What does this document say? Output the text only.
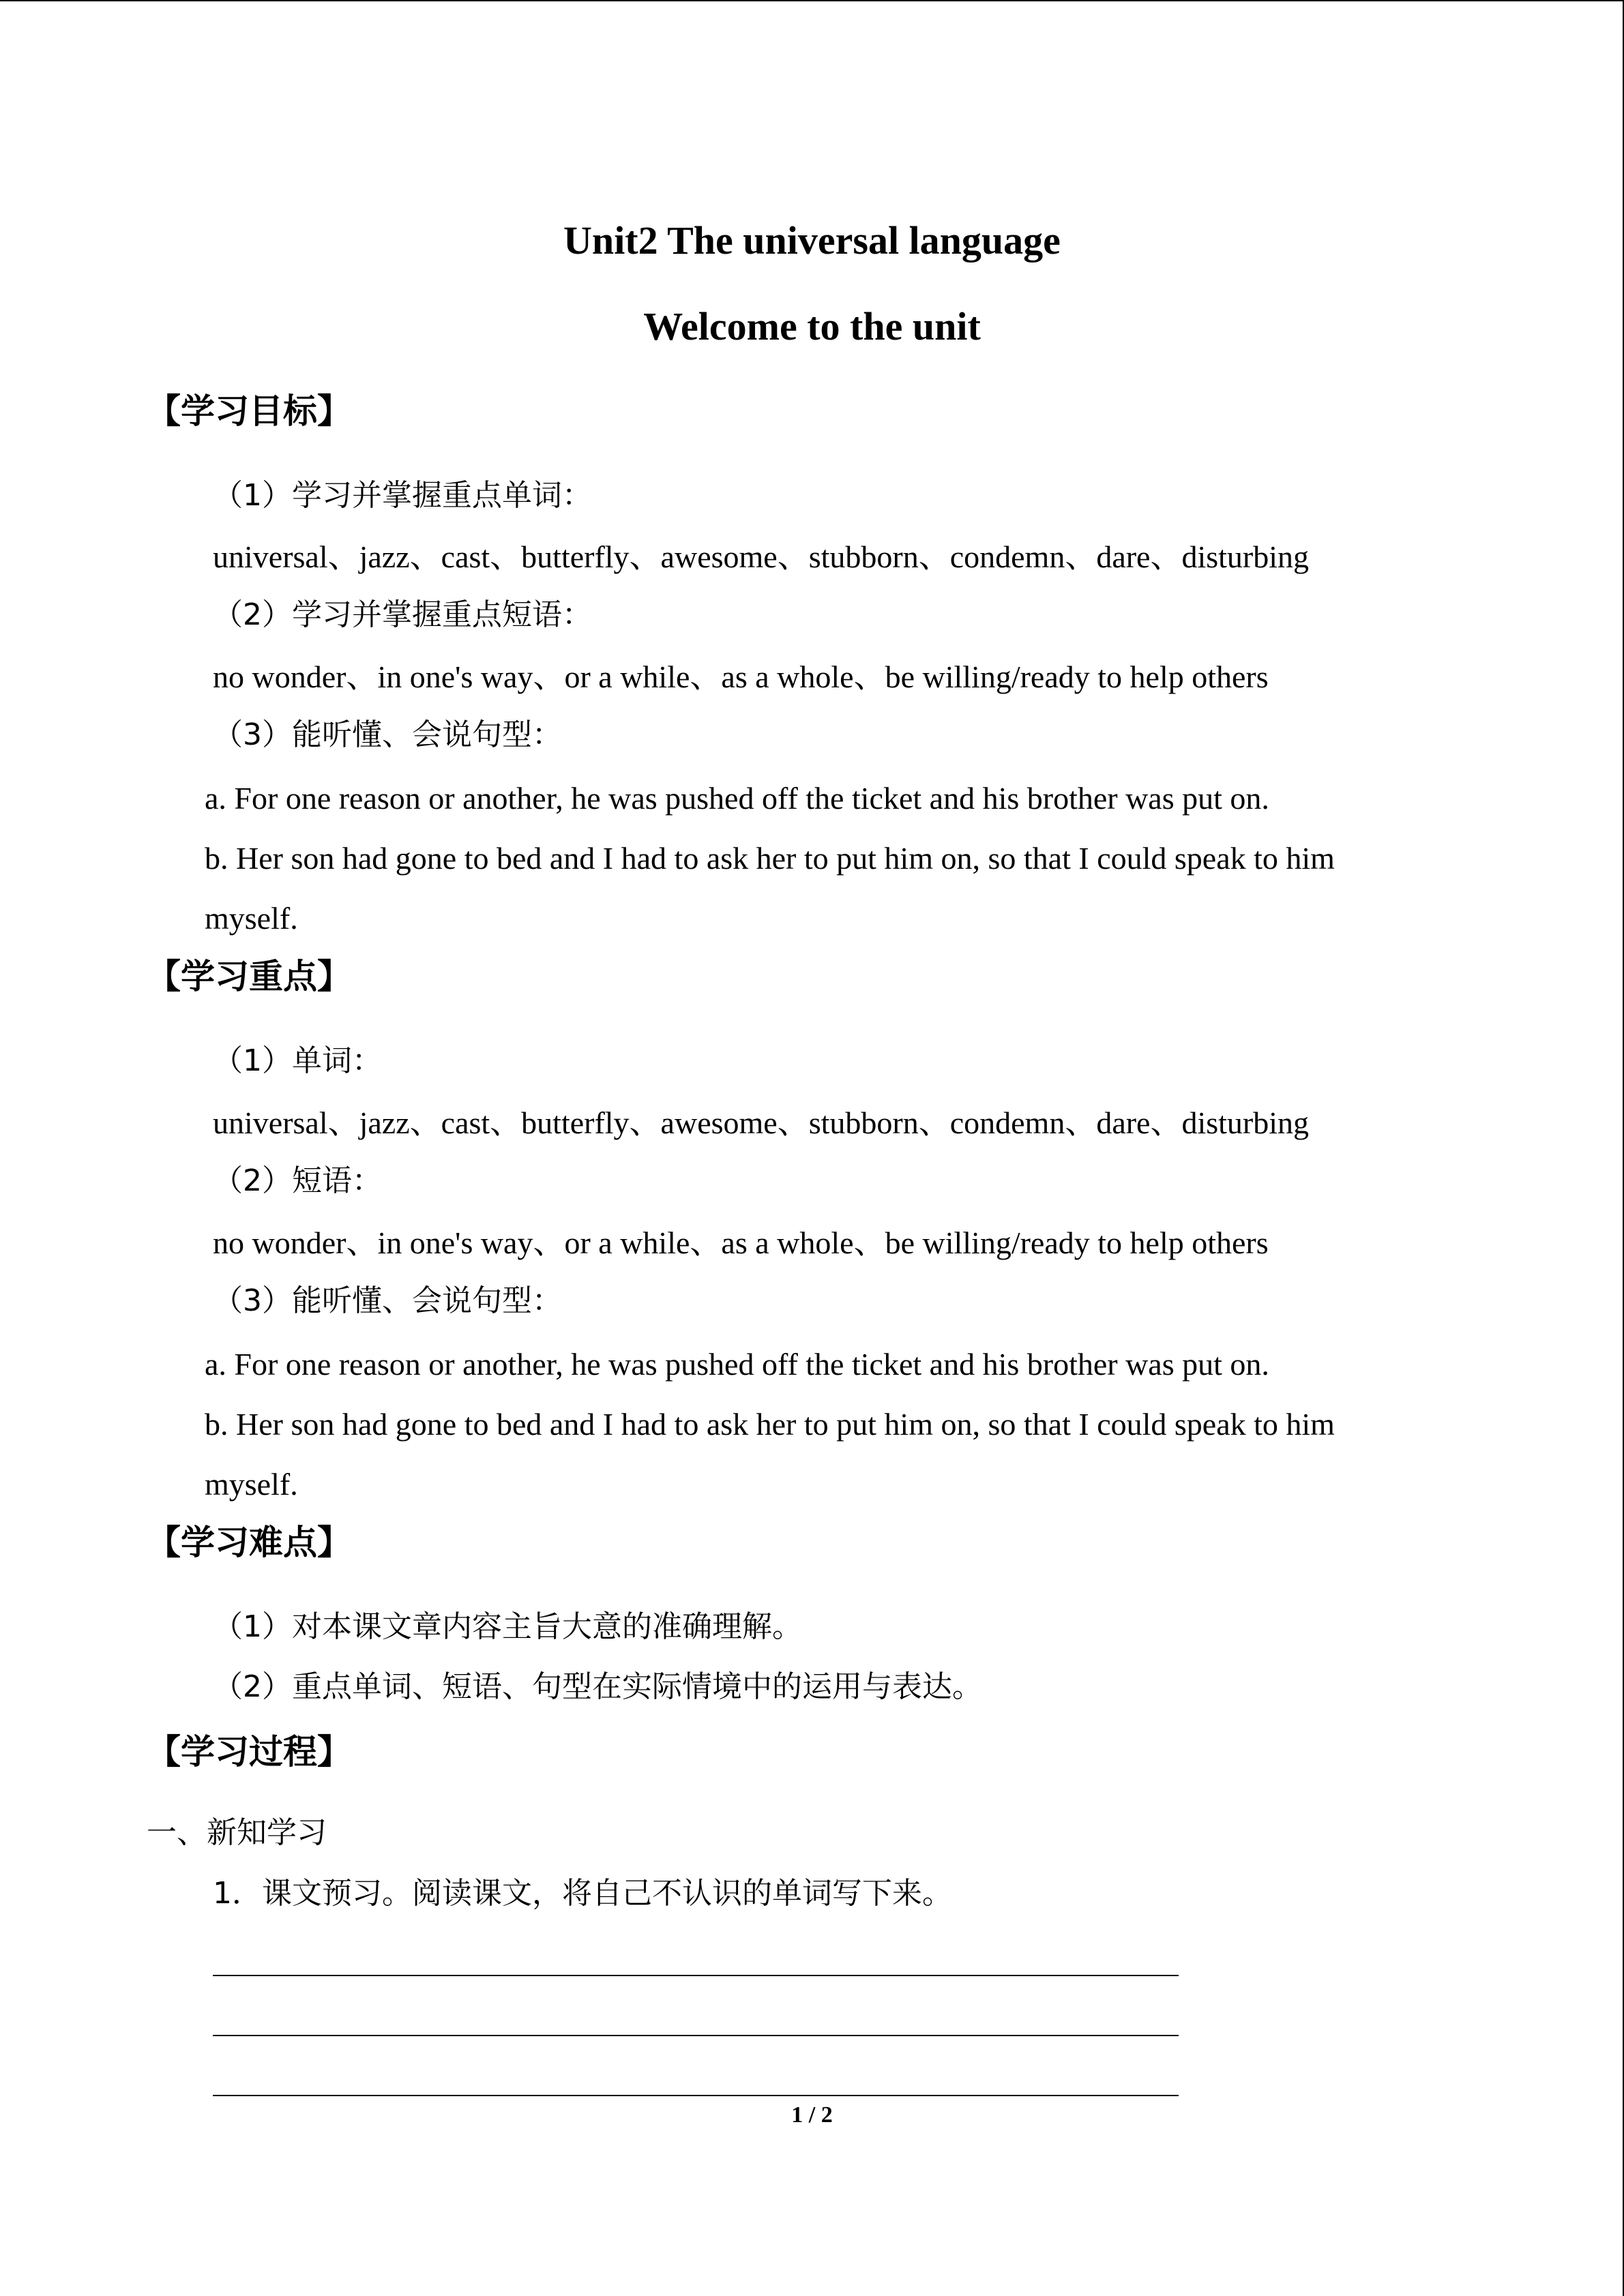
Unit2 The universal language
Welcome to the unit
【学习目标】
（1）学习并掌握重点单词：
universal、jazz、cast、butterfly、awesome、stubborn、condemn、dare、disturbing
（2）学习并掌握重点短语：
no wonder、in one's way、or a while、as a whole、be willing/ready to help others
（3）能听懂、会说句型：
a. For one reason or another, he was pushed off the ticket and his brother was put on.
b. Her son had gone to bed and I had to ask her to put him on, so that I could speak to him
myself.
【学习重点】
（1）单词：
universal、jazz、cast、butterfly、awesome、stubborn、condemn、dare、disturbing
（2）短语：
no wonder、in one's way、or a while、as a whole、be willing/ready to help others
（3）能听懂、会说句型：
a. For one reason or another, he was pushed off the ticket and his brother was put on.
b. Her son had gone to bed and I had to ask her to put him on, so that I could speak to him
myself.
【学习难点】
（1）对本课文章内容主旨大意的准确理解。
（2）重点单词、短语、句型在实际情境中的运用与表达。
【学习过程】
一、新知学习
1．课文预习。阅读课文，将自己不认识的单词写下来。
1 / 2
